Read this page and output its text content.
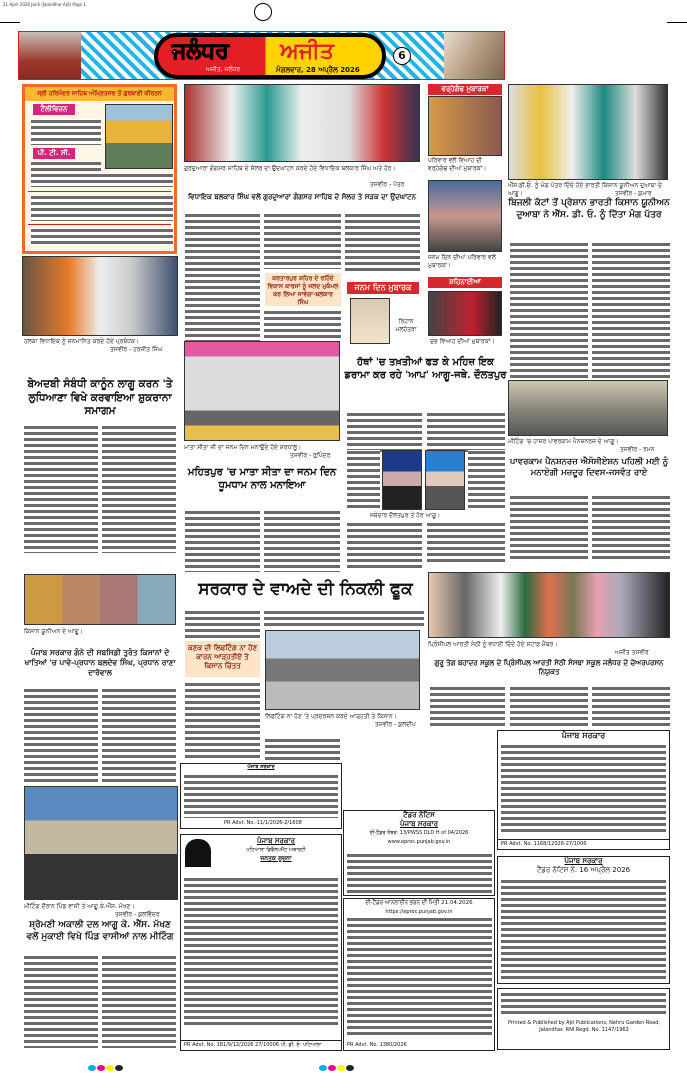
21 April 2026 Jal-6 (Jalandhar Ajit) Page 1
ਜਲੰਧਰ ਅਜੀਤ
ਅਜੀਤ, ਜਲੰਧਰ	ਮੰਗਲਵਾਰ, 28 ਅਪ੍ਰੈਲ 2026
6
ਸ੍ਰੀ ਹਰਿਮੰਦਰ ਸਾਹਿਬ ਅੰਮ੍ਰਿਤਸਰ ਤੋਂ ਗੁਰਬਾਣੀ ਕੀਰਤਨ
ਟੈਲੀਵਿਜ਼ਨ
ਪੀ. ਟੀ. ਸੀ.
ਹਲਕਾ ਵਿਧਾਇਕ ਨੂੰ ਸਨਮਾਨਿਤ ਕਰਦੇ ਹੋਏ ਪ੍ਰਬੰਧਕ।
ਤਸਵੀਰ - ਹਰਜੀਤ ਸਿੰਘ
ਬੇਅਦਬੀ ਸੰਬੰਧੀ ਕਾਨੂੰਨ ਲਾਗੂ ਕਰਨ 'ਤੇ ਲੁਧਿਆਣਾ ਵਿਖੇ ਕਰਵਾਇਆ ਸ਼ੁਕਰਾਨਾ ਸਮਾਗਮ
ਕਿਸਾਨ ਯੂਨੀਅਨ ਦੇ ਆਗੂ।
ਪੰਜਾਬ ਸਰਕਾਰ ਗੰਨੇ ਦੀ ਸਬਸਿਡੀ ਤੁਰੰਤ ਕਿਸਾਨਾਂ ਦੇ ਖਾਤਿਆਂ 'ਚ ਪਾਵੇ-ਪ੍ਰਧਾਨ ਬਲਦੇਵ ਸਿੰਘ, ਪ੍ਰਧਾਨ ਰਾਣਾ ਦਾਰੋਵਾਲ
ਮੀਟਿੰਗ ਦੌਰਾਨ ਪਿੰਡ ਵਾਸੀ ਤੇ ਆਗੂ ਕੇ.ਐੱਸ. ਮੱਖਣ।
ਤਸਵੀਰ - ਕੁਲਵਿੰਦਰ
ਸ਼੍ਰੋਮਣੀ ਅਕਾਲੀ ਦਲ ਆਗੂ ਕੇ. ਐੱਸ. ਮੱਖਣ ਵਲੋਂ ਮੁਕਾਈ ਵਿਖੇ ਪਿੰਡ ਵਾਸੀਆਂ ਨਾਲ ਮੀਟਿੰਗ
ਗੁਰਦੁਆਰਾ ਗੰਗਸਰ ਸਾਹਿਬ ਦੇ ਸੋਲਰ ਦਾ ਉਦਘਾਟਨ ਕਰਦੇ ਹੋਏ ਵਿਧਾਇਕ ਬਲਕਾਰ ਸਿੰਘ ਅਤੇ ਹੋਰ।
ਤਸਵੀਰ - ਪੱਤਰ
ਵਿਧਾਇਕ ਬਲਕਾਰ ਸਿੰਘ ਵਲੋਂ ਗੁਰਦੁਆਰਾ ਗੰਗਸਰ ਸਾਹਿਬ ਦੇ ਸੋਲਰ ਤੇ ਸੜਕ ਦਾ ਉਦਘਾਟਨ
ਕਰਤਾਰਪੁਰ ਸ਼ਹਿਰ ਦੇ ਰਹਿੰਦੇ ਵਿਕਾਸ ਕਾਰਜਾਂ ਨੂੰ ਜਲਦ ਮੁਕੰਮਲ ਕਰ ਲਿਆ ਜਾਵੇਗਾ-ਬਲਕਾਰ ਸਿੰਘ
ਜਨਮ ਦਿਨ ਮੁਬਾਰਕ
ਰਿਹਾਨ ਮਲਹੋਤਰਾ
ਮਾਤਾ ਸੀਤਾ ਜੀ ਦਾ ਜਨਮ ਦਿਨ ਮਨਾਉਂਦੇ ਹੋਏ ਸ਼ਰਧਾਲੂ।
ਤਸਵੀਰ - ਰੁਪਿੰਦਰ
ਮਹਿਤਪੁਰ 'ਚ ਮਾਤਾ ਸੀਤਾ ਦਾ ਜਨਮ ਦਿਨ ਧੂਮਧਾਮ ਨਾਲ ਮਨਾਇਆ
ਸਰਕਾਰ ਦੇ ਵਾਅਦੇ ਦੀ ਨਿਕਲੀ ਫੂਕ
ਕਣਕ ਦੀ ਲਿਫਟਿੰਗ ਨਾ ਹੋਣ ਕਾਰਨ ਆੜ੍ਹਤੀਏ ਤੇ ਕਿਸਾਨ ਚਿੰਤਤ
ਲਿਫਟਿੰਗ ਨਾ ਹੋਣ 'ਤੇ ਪ੍ਰਦਰਸ਼ਨ ਕਰਦੇ ਆੜ੍ਹਤੀ ਤੇ ਕਿਸਾਨ।
ਤਸਵੀਰ - ਕੁਲਦੀਪ
ਪੰਜਾਬ ਸਰਕਾਰ
PR Advt. No.-11/1/2026-2/1608
ਪੰਜਾਬ ਸਰਕਾਰ
ਪਟਿਆਲਾ ਡਿਵੈਲਪਮੈਂਟ ਅਥਾਰਟੀ
ਜਨਤਕ ਸੂਚਨਾ
PR Advt. No. 181/9/12/2026 27/10006 ਪੀ. ਡੀ. ਏ. ਪਟਿਆਲਾ
ਹੱਥਾਂ 'ਚ ਤਖ਼ਤੀਆਂ ਫੜ ਕੇ ਮਹਿਜ਼ ਇਕ ਡਰਾਮਾ ਕਰ ਰਹੇ 'ਆਪ' ਆਗੂ-ਜਥੇ. ਦੌਲਤਪੁਰ
ਜਥੇਦਾਰ ਦੌਲਤਪੁਰ ਤੇ ਹੋਰ ਆਗੂ।
ਵਰ੍ਹੇਗੰਢ ਮੁਬਾਰਕਾਂ
ਪਰਿਵਾਰ ਵਲੋਂ ਵਿਆਹ ਦੀ ਵਰ੍ਹੇਗੰਢ ਦੀਆਂ ਮੁਬਾਰਕਾਂ।
ਜਨਮ ਦਿਨ ਦੀਆਂ ਪਰਿਵਾਰ ਵਲੋਂ ਮੁਬਾਰਕਾਂ।
ਸ਼ਹਿਨਾਈਆਂ
ਸ਼ੁਭ ਵਿਆਹ ਦੀਆਂ ਮੁਬਾਰਕਾਂ।
ਐੱਸ.ਡੀ.ਓ. ਨੂੰ ਮੰਗ ਪੱਤਰ ਦਿੰਦੇ ਹੋਏ ਭਾਰਤੀ ਕਿਸਾਨ ਯੂਨੀਅਨ ਦੁਆਬਾ ਦੇ ਆਗੂ।	ਤਸਵੀਰ - ਕੁਮਾਰ
ਬਿਜਲੀ ਕੱਟਾਂ ਤੋਂ ਪ੍ਰੇਸ਼ਾਨ ਭਾਰਤੀ ਕਿਸਾਨ ਯੂਨੀਅਨ ਦੁਆਬਾ ਨੇ ਐੱਸ. ਡੀ. ਓ. ਨੂੰ ਦਿੱਤਾ ਮੰਗ ਪੱਤਰ
ਮੀਟਿੰਗ 'ਚ ਹਾਜ਼ਰ ਪਾਵਰਕਾਮ ਪੈਨਸ਼ਨਰਜ਼ ਦੇ ਆਗੂ।
ਤਸਵੀਰ - ਰਮਨ
ਪਾਵਰਕਾਮ ਪੈਨਸ਼ਨਰਜ਼ ਐਸੋਸੀਏਸ਼ਨ ਪਹਿਲੀ ਮਈ ਨੂੰ ਮਨਾਏਗੀ ਮਜ਼ਦੂਰ ਦਿਵਸ-ਜਸਵੰਤ ਰਾਏ
ਪ੍ਰਿੰਸੀਪਲ ਆਰਤੀ ਸੇਠੀ ਨੂੰ ਵਧਾਈ ਦਿੰਦੇ ਹੋਏ ਸਟਾਫ਼ ਮੈਂਬਰ।
ਅਜੀਤ ਤਸਵੀਰ
ਗੁਰੂ ਤੇਗ ਬਹਾਦਰ ਸਕੂਲ ਦੇ ਪ੍ਰਿੰਸੀਪਲ ਆਰਤੀ ਸੇਠੀ ਸੰਸਥਾ ਸਕੂਲ ਜਲੰਧਰ ਦੇ ਚੇਅਰਪਰਸਨ ਨਿਯੁਕਤ
ਟੈਂਡਰ ਨੋਟਿਸ
ਪੰਜਾਬ ਸਰਕਾਰ
ਈ-ਟੈਂਡਰ ਨੰਬਰ: 13/PWSS DLD H of 04/2026
www.eproc.punjab.gov.in
ਈ-ਟੈਂਡਰ ਆਨਲਾਈਨ ਭਰਨ ਦੀ ਮਿਤੀ 21.04.2026
https://eproc.punjab.gov.in
PR Advt. No. 1380/2026
ਪੰਜਾਬ ਸਰਕਾਰ
PR Advt. No. 1168/12026-27/1006
ਪੰਜਾਬ ਸਰਕਾਰ
ਟੈਂਡਰ ਨੋਟਿਸ ਨੰ. 16 ਅਪ੍ਰੈਲ 2026
Printed & Published by Ajit Publications, Nehru Garden Road, Jalandhar. RNI Regd. No. 1147/1962
